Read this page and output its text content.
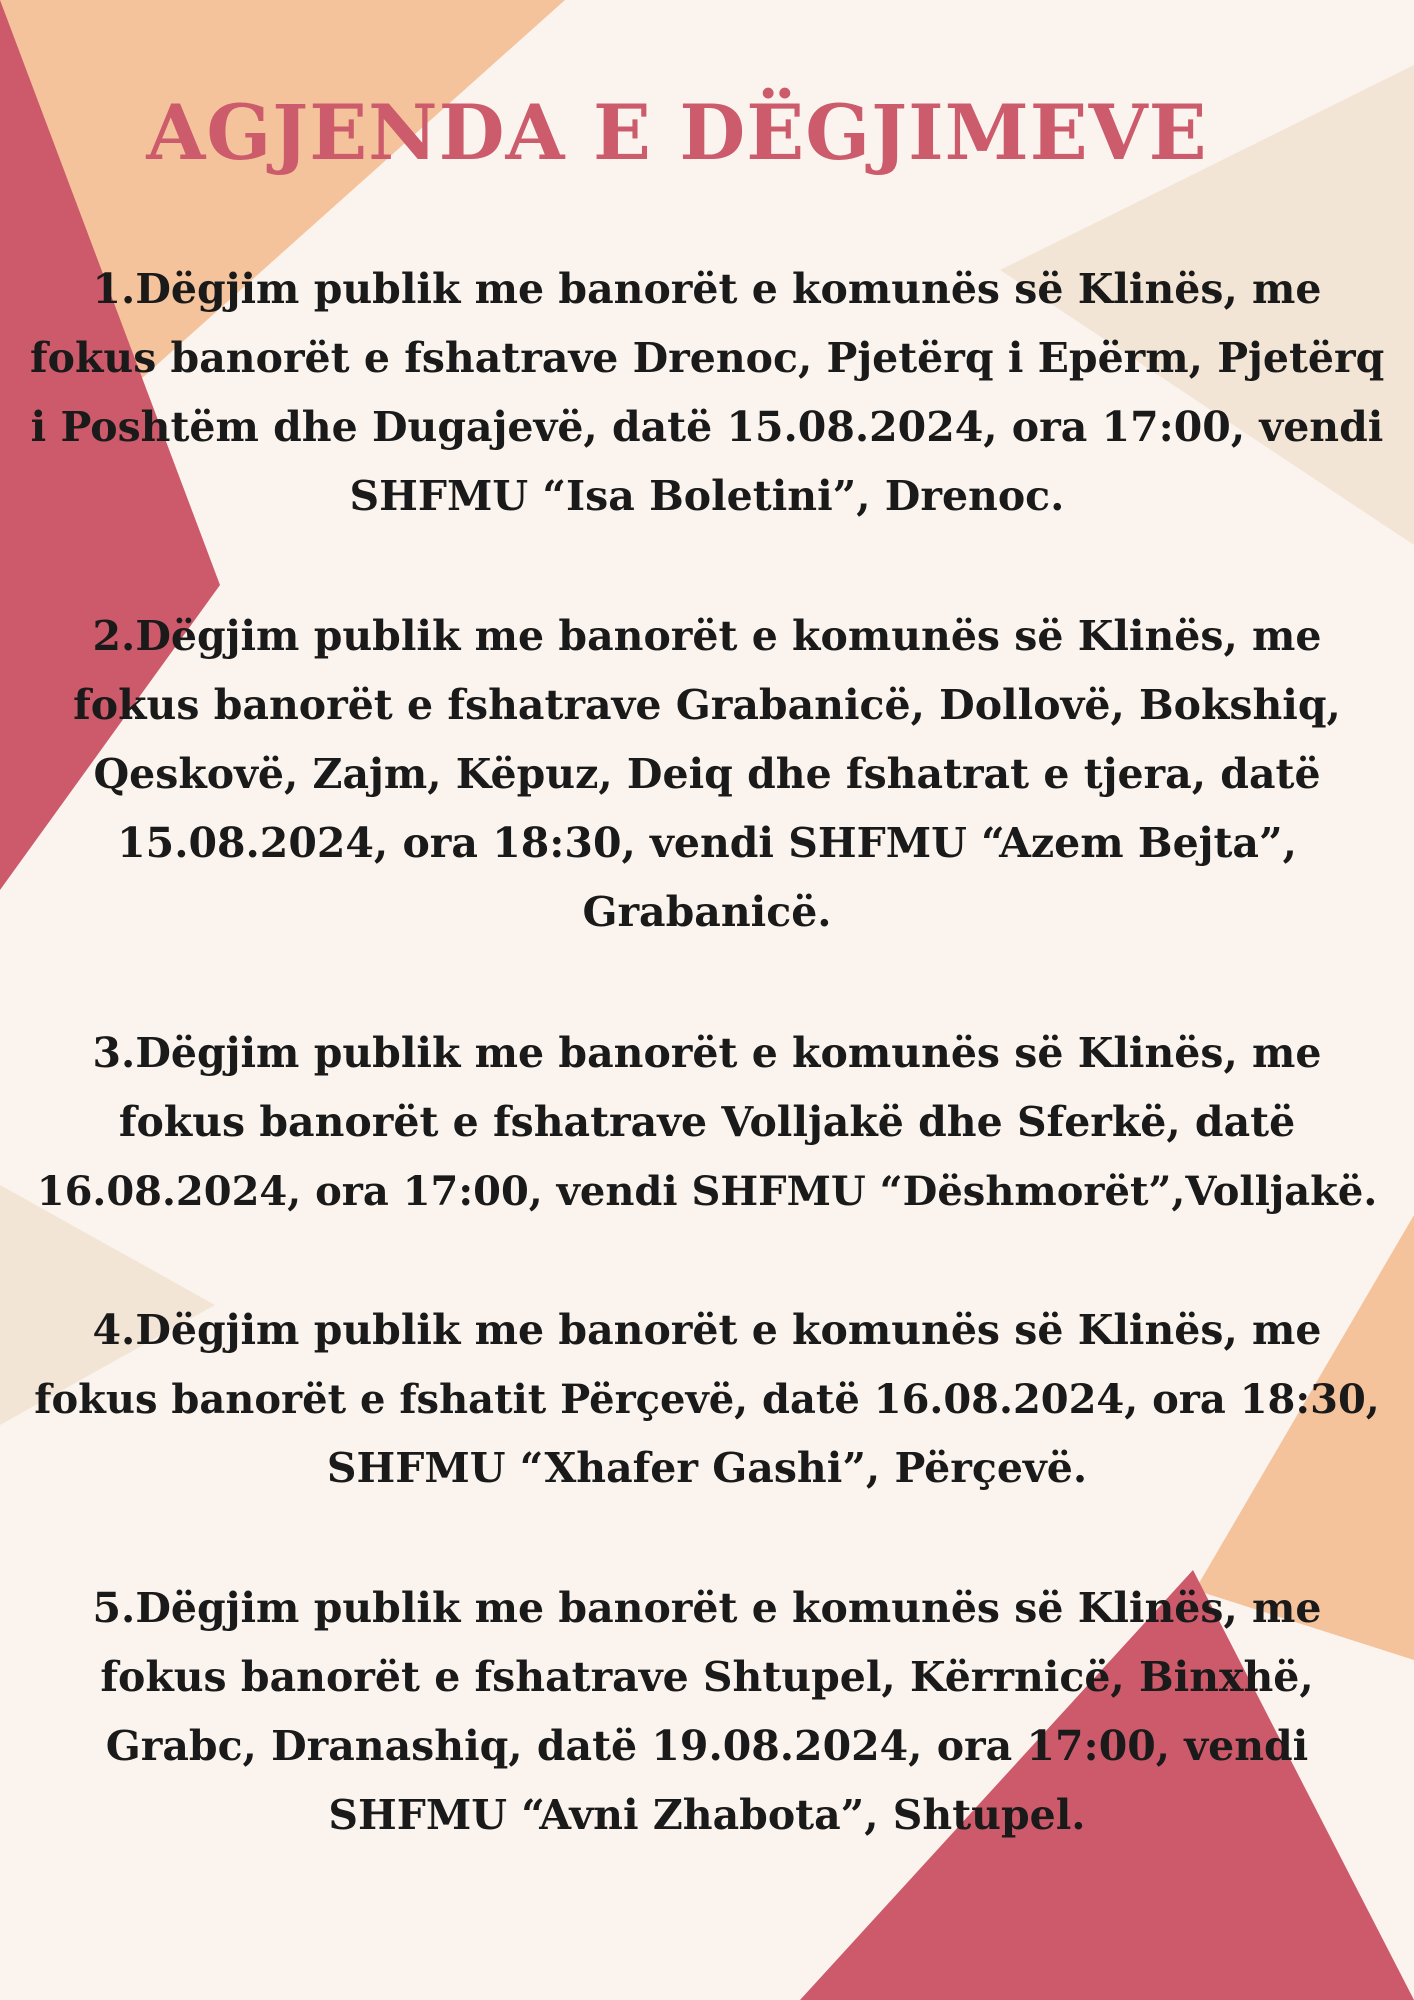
AGJENDA E DËGJIMEVE

1.Dëgjim publik me banorët e komunës së Klinës, me
fokus banorët e fshatrave Drenoc, Pjetërq i Epërm, Pjetërq
i Poshtëm dhe Dugajevë, datë 15.08.2024, ora 17:00, vendi
SHFMU “Isa Boletini”, Drenoc.

2.Dëgjim publik me banorët e komunës së Klinës, me
fokus banorët e fshatrave Grabanicë, Dollovë, Bokshiq,
Qeskovë, Zajm, Këpuz, Deiq dhe fshatrat e tjera, datë
15.08.2024, ora 18:30, vendi SHFMU “Azem Bejta”,
Grabanicë.

3.Dëgjim publik me banorët e komunës së Klinës, me
fokus banorët e fshatrave Volljakë dhe Sferkë, datë
16.08.2024, ora 17:00, vendi SHFMU “Dëshmorët”,Volljakë.

4.Dëgjim publik me banorët e komunës së Klinës, me
fokus banorët e fshatit Përçevë, datë 16.08.2024, ora 18:30,
SHFMU “Xhafer Gashi”, Përçevë.

5.Dëgjim publik me banorët e komunës së Klinës, me
fokus banorët e fshatrave Shtupel, Kërrnicë, Binxhë,
Grabc, Dranashiq, datë 19.08.2024, ora 17:00, vendi
SHFMU “Avni Zhabota”, Shtupel.
